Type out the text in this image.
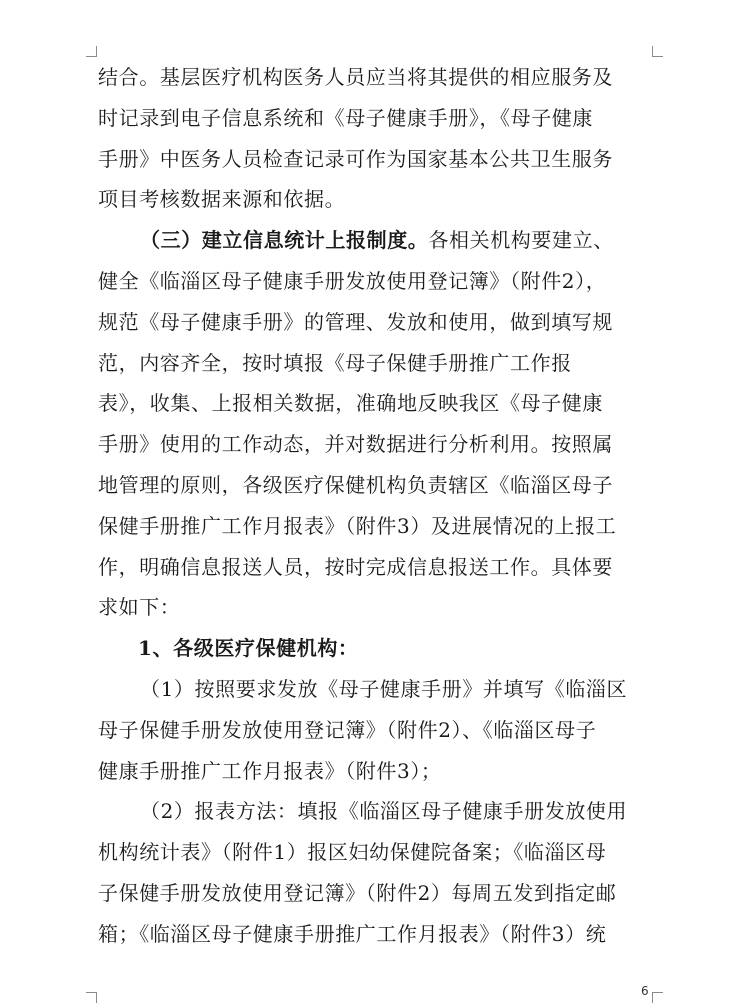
结合。基层医疗机构医务人员应当将其提供的相应服务及
时记录到电子信息系统和《母子健康手册》，《母子健康
手册》中医务人员检查记录可作为国家基本公共卫生服务
项目考核数据来源和依据。
（三）建立信息统计上报制度。各相关机构要建立、
健全《临淄区母子健康手册发放使用登记簿》（附件2），
规范《母子健康手册》的管理、发放和使用，做到填写规
范，内容齐全，按时填报《母子保健手册推广工作报
表》，收集、上报相关数据，准确地反映我区《母子健康
手册》使用的工作动态，并对数据进行分析利用。按照属
地管理的原则，各级医疗保健机构负责辖区《临淄区母子
保健手册推广工作月报表》（附件3）及进展情况的上报工
作，明确信息报送人员，按时完成信息报送工作。具体要
求如下：
1、各级医疗保健机构：
（1）按照要求发放《母子健康手册》并填写《临淄区
母子保健手册发放使用登记簿》（附件2）、《临淄区母子
健康手册推广工作月报表》（附件3）；
（2）报表方法：填报《临淄区母子健康手册发放使用
机构统计表》（附件1）报区妇幼保健院备案；《临淄区母
子保健手册发放使用登记簿》（附件2）每周五发到指定邮
箱；《临淄区母子健康手册推广工作月报表》（附件3）统
6
